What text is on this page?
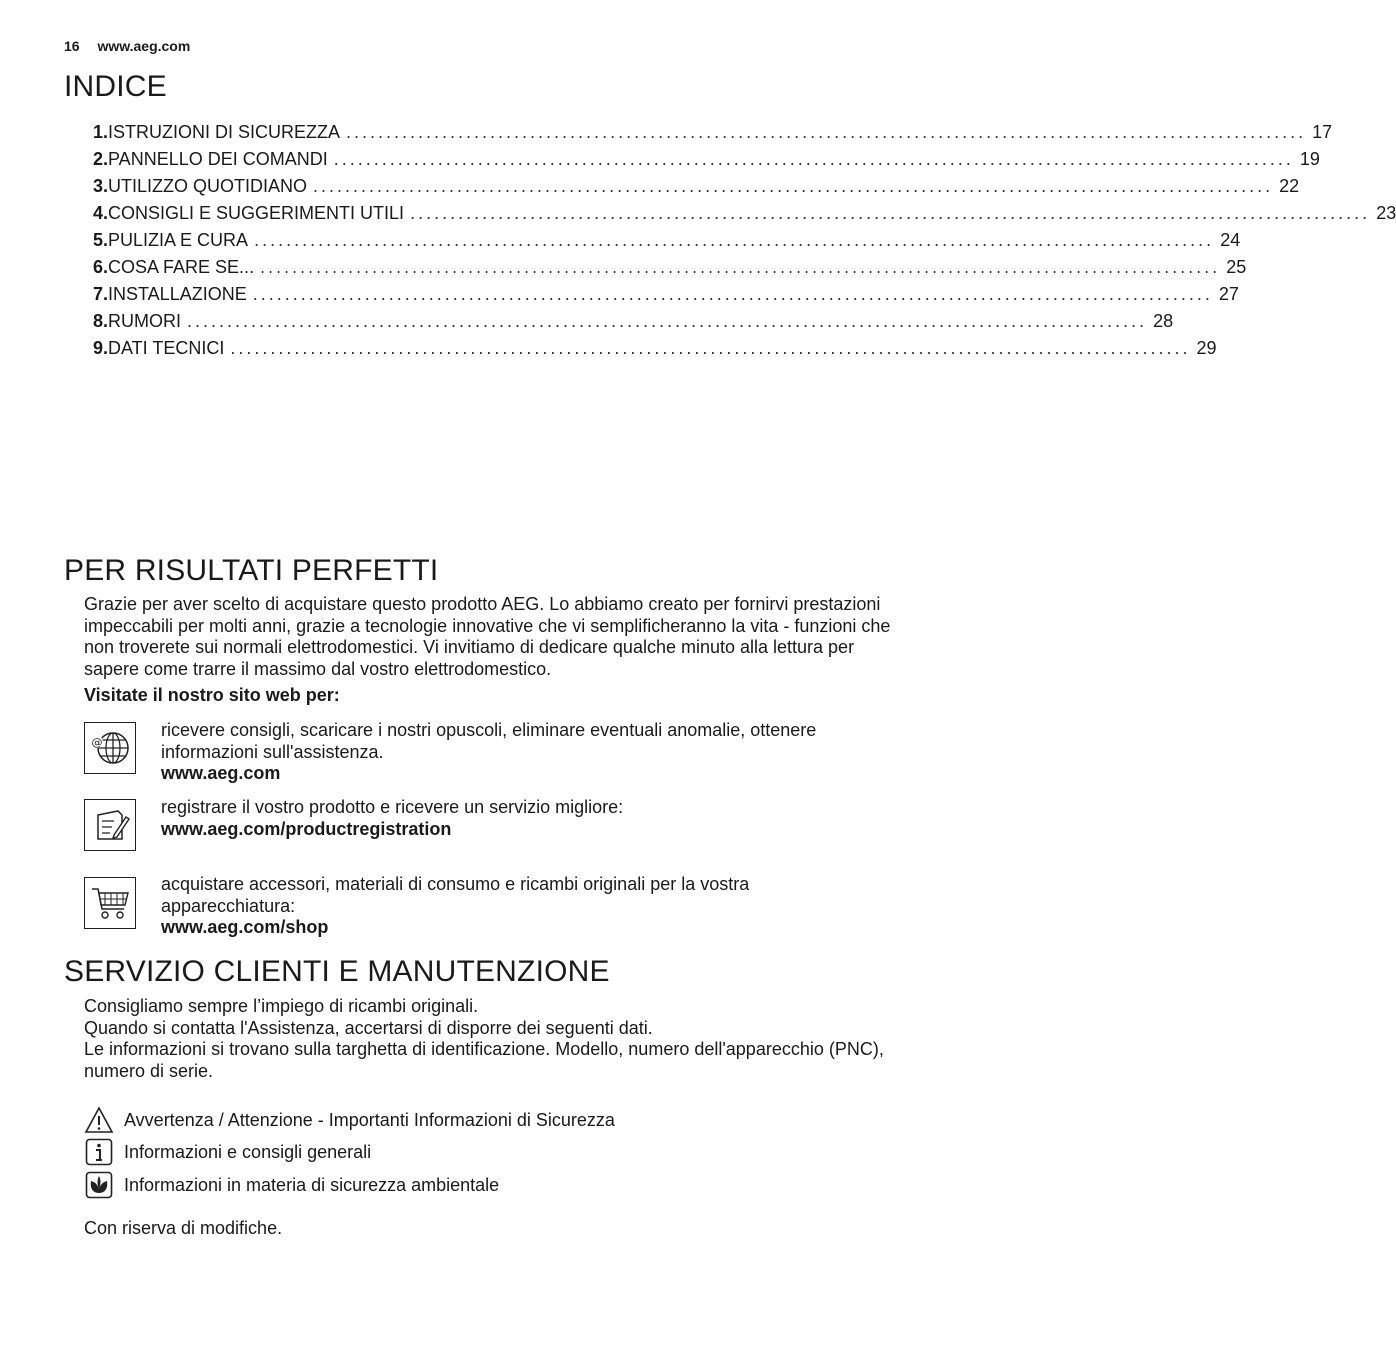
16 www.aeg.com
INDICE
1. ISTRUZIONI DI SICUREZZA ........................................................................................................................ 17
2. PANNELLO DEI COMANDI ........................................................................................................................ 19
3. UTILIZZO QUOTIDIANO ........................................................................................................................ 22
4. CONSIGLI E SUGGERIMENTI UTILI ........................................................................................................................ 23
5. PULIZIA E CURA ........................................................................................................................ 24
6. COSA FARE SE... ........................................................................................................................ 25
7. INSTALLAZIONE ........................................................................................................................ 27
8. RUMORI ........................................................................................................................ 28
9. DATI TECNICI ........................................................................................................................ 29
PER RISULTATI PERFETTI
Grazie per aver scelto di acquistare questo prodotto AEG. Lo abbiamo creato per fornirvi prestazioni impeccabili per molti anni, grazie a tecnologie innovative che vi semplificheranno la vita - funzioni che non troverete sui normali elettrodomestici. Vi invitiamo di dedicare qualche minuto alla lettura per sapere come trarre il massimo dal vostro elettrodomestico.
Visitate il nostro sito web per:
@
ricevere consigli, scaricare i nostri opuscoli, eliminare eventuali anomalie, ottenere informazioni sull'assistenza.
www.aeg.com
registrare il vostro prodotto e ricevere un servizio migliore:
www.aeg.com/productregistration
acquistare accessori, materiali di consumo e ricambi originali per la vostra apparecchiatura:
www.aeg.com/shop
SERVIZIO CLIENTI E MANUTENZIONE
Consigliamo sempre l’impiego di ricambi originali.
Quando si contatta l'Assistenza, accertarsi di disporre dei seguenti dati.
Le informazioni si trovano sulla targhetta di identificazione. Modello, numero dell'apparecchio (PNC), numero di serie.
Avvertenza / Attenzione - Importanti Informazioni di Sicurezza
Informazioni e consigli generali
Informazioni in materia di sicurezza ambientale
Con riserva di modifiche.
